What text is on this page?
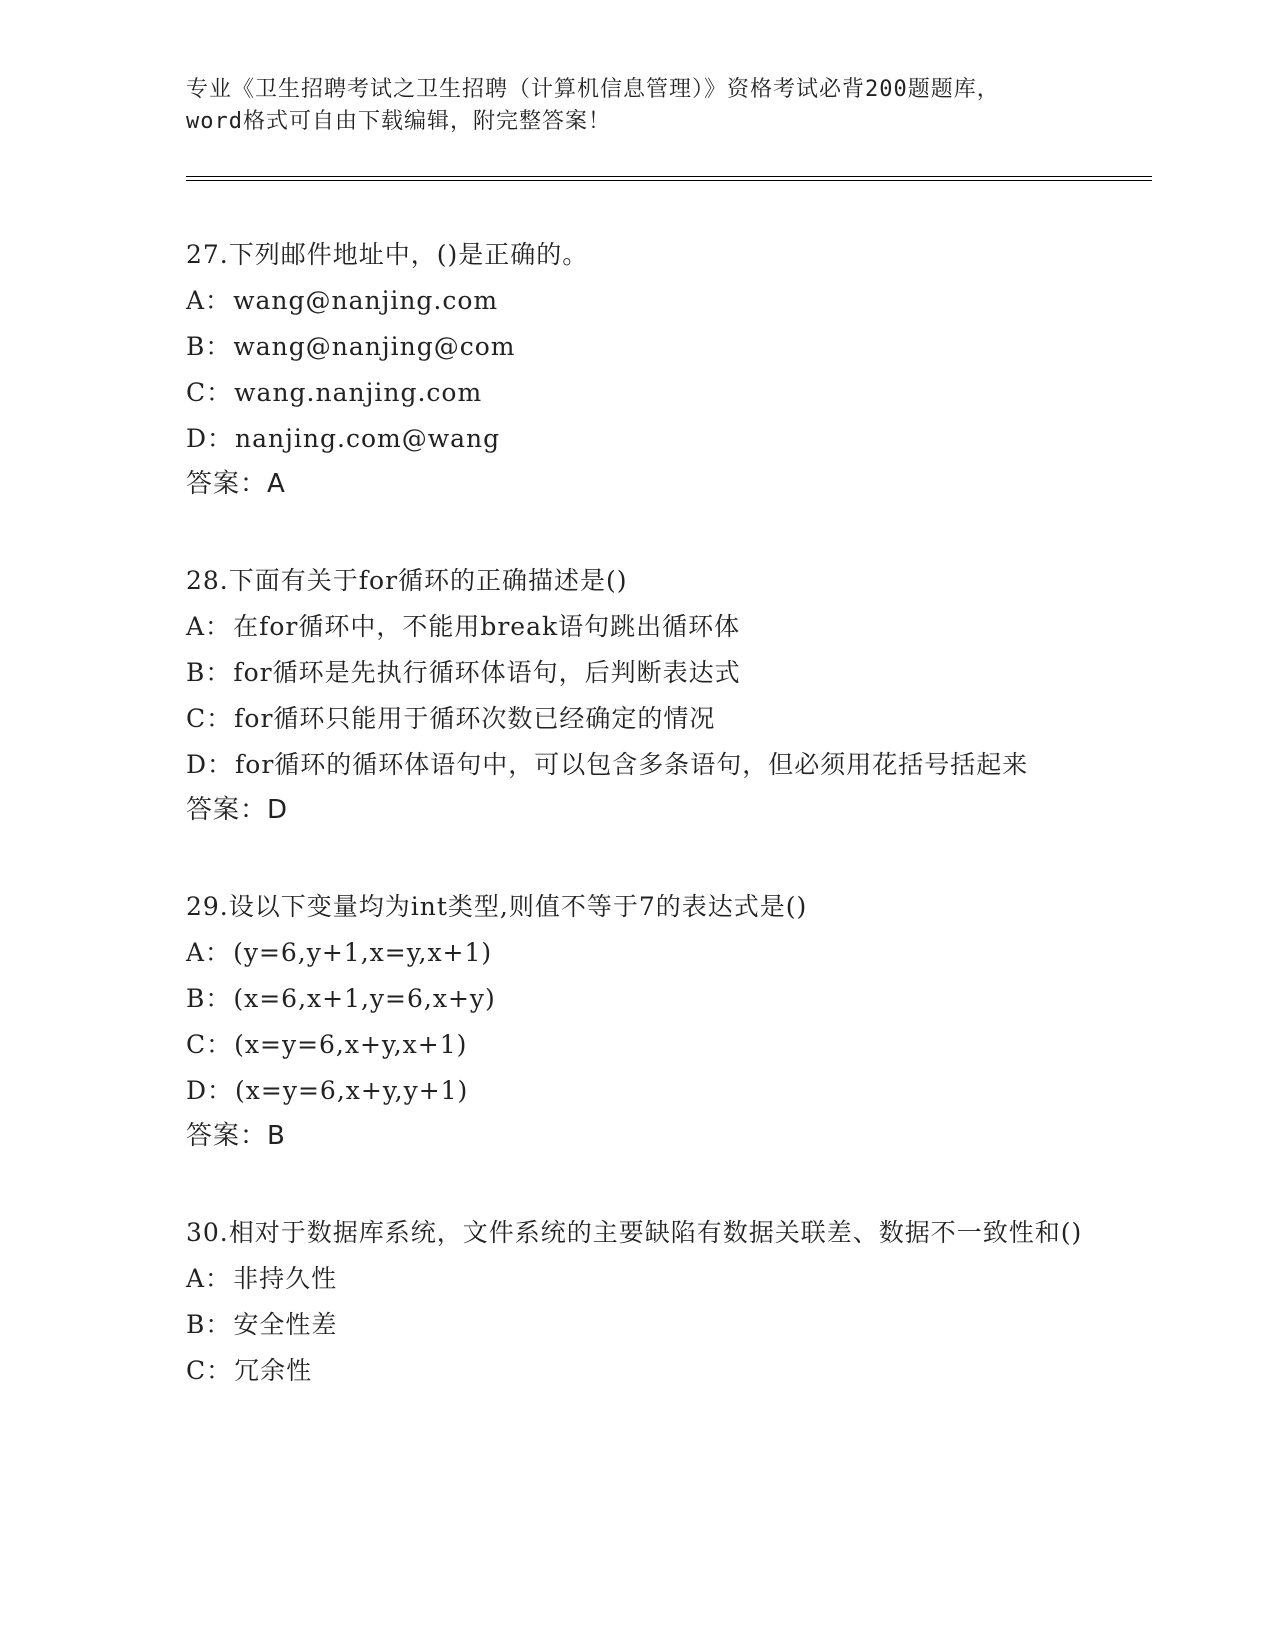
专业《卫生招聘考试之卫生招聘（计算机信息管理）》资格考试必背200题题库，
word格式可自由下载编辑，附完整答案！
27.下列邮件地址中，()是正确的。
A：wang@nanjing.com
B：wang@nanjing@com
C：wang.nanjing.com
D：nanjing.com@wang
答案：A
28.下面有关于for循环的正确描述是()
A：在for循环中，不能用break语句跳出循环体
B：for循环是先执行循环体语句，后判断表达式
C：for循环只能用于循环次数已经确定的情况
D：for循环的循环体语句中，可以包含多条语句，但必须用花括号括起来
答案：D
29.设以下变量均为int类型,则值不等于7的表达式是()
A：(y=6,y+1,x=y,x+1)
B：(x=6,x+1,y=6,x+y)
C：(x=y=6,x+y,x+1)
D：(x=y=6,x+y,y+1)
答案：B
30.相对于数据库系统，文件系统的主要缺陷有数据关联差、数据不一致性和()
A：非持久性
B：安全性差
C：冗余性
